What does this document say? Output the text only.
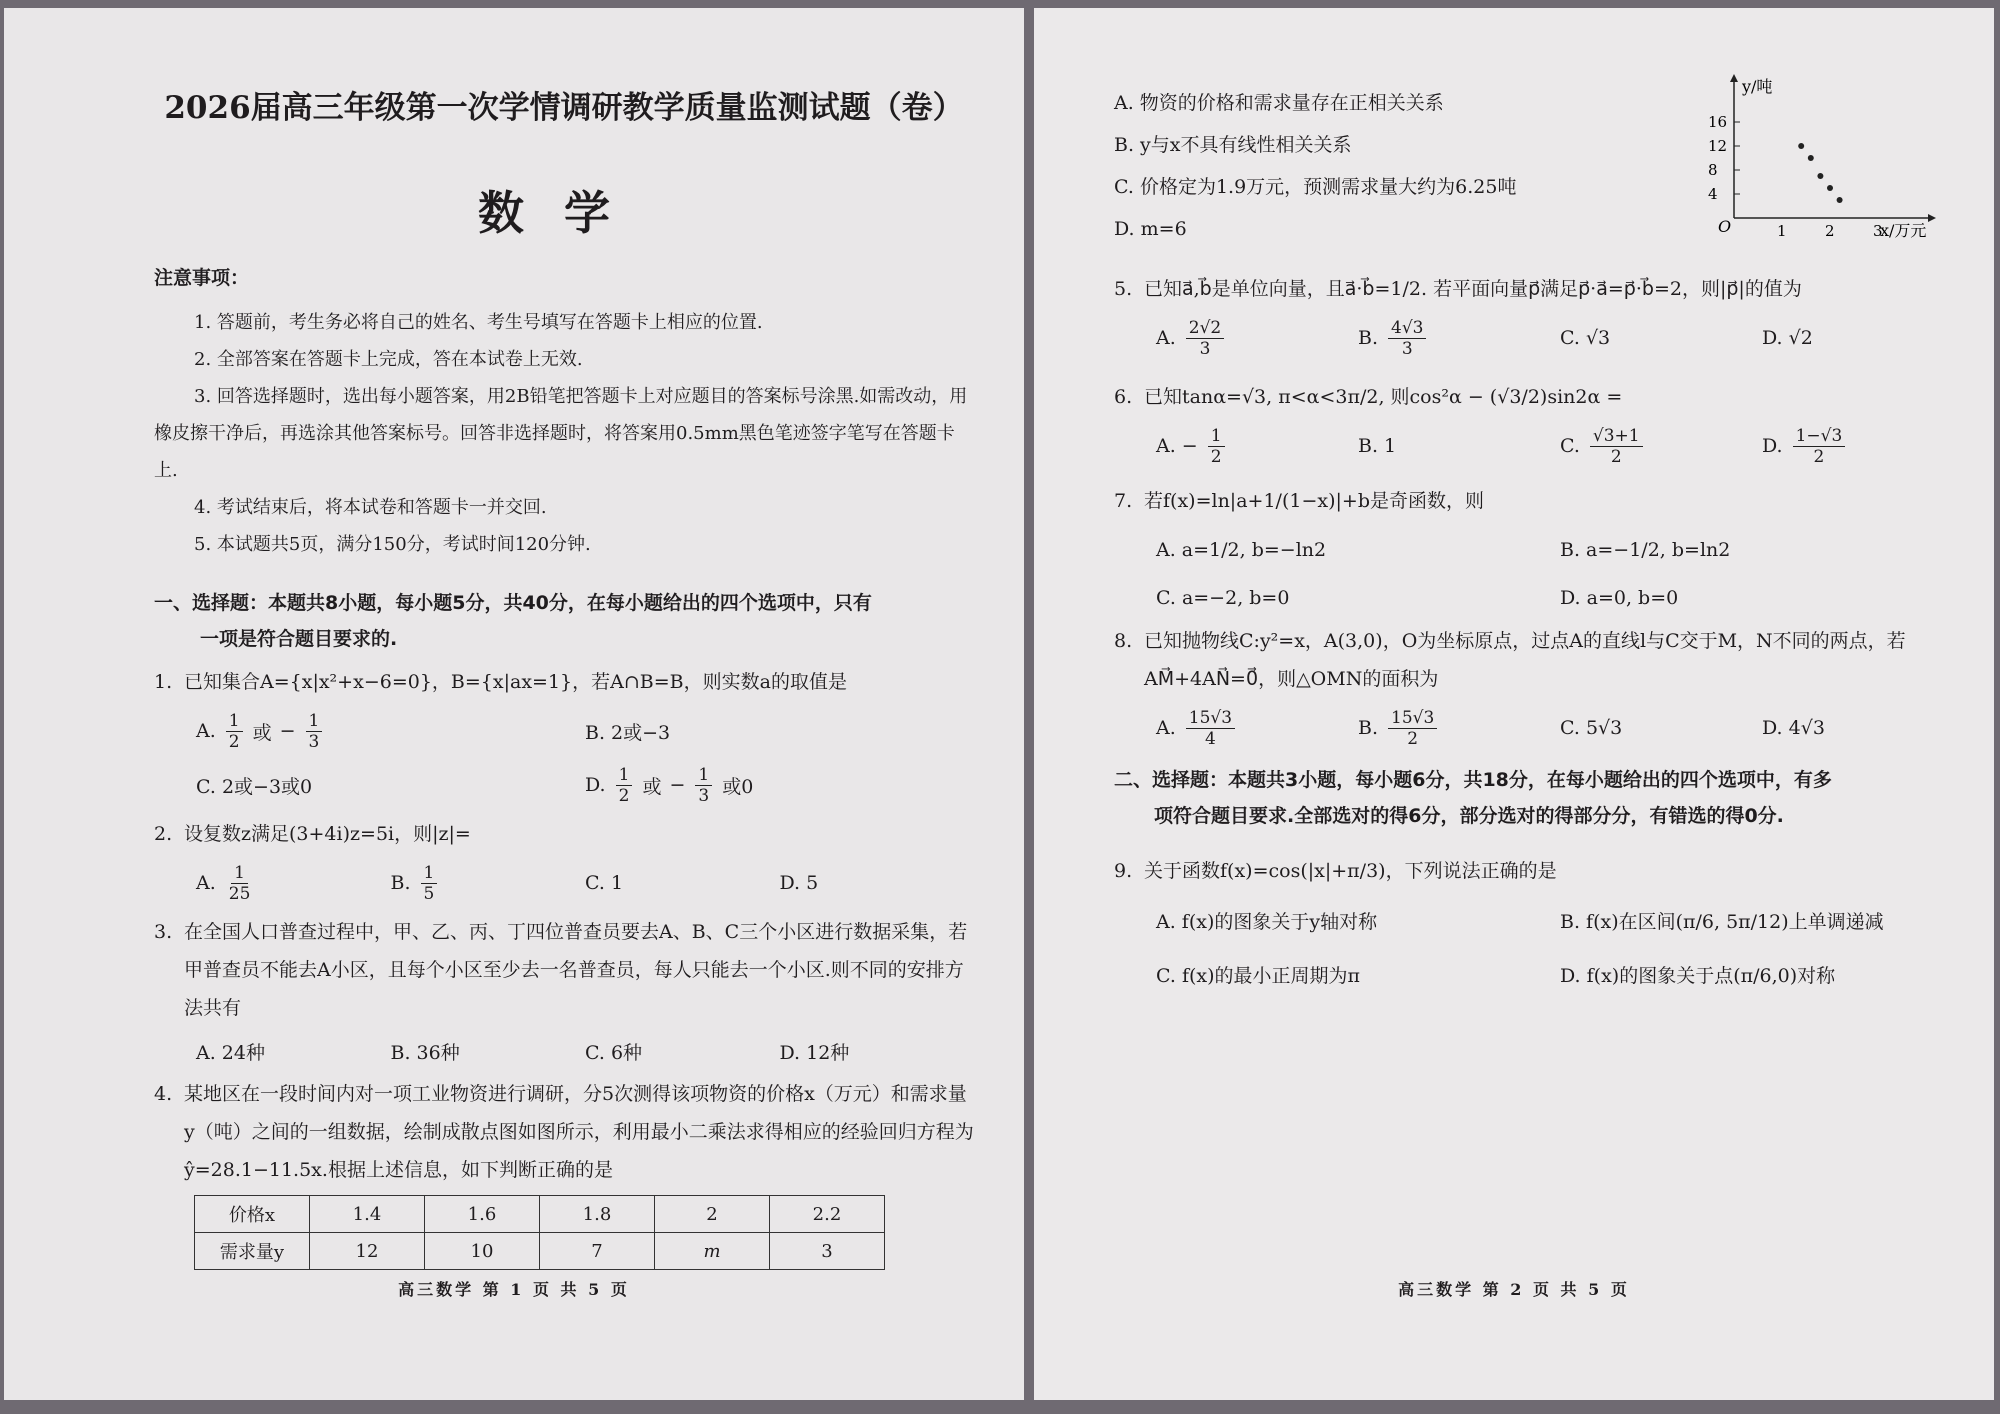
2026届高三年级第一次学情调研教学质量监测试题（卷）
数学
注意事项：
1. 答题前，考生务必将自己的姓名、考生号填写在答题卡上相应的位置.
2. 全部答案在答题卡上完成，答在本试卷上无效.
3. 回答选择题时，选出每小题答案，用2B铅笔把答题卡上对应题目的答案标号涂黑.如需改动，用橡皮擦干净后，再选涂其他答案标号。回答非选择题时，将答案用0.5mm黑色笔迹签字笔写在答题卡上.
4. 考试结束后，将本试卷和答题卡一并交回.
5. 本试题共5页，满分150分，考试时间120分钟.
一、选择题：本题共8小题，每小题5分，共40分，在每小题给出的四个选项中，只有
一项是符合题目要求的.
1. 已知集合A={x|x²+x−6=0}，B={x|ax=1}，若A∩B=B，则实数a的取值是
A. $\frac{1}{2}$ 或 − $\frac{1}{3}$	B. 2或−3
C. 2或−3或0	D. $\frac{1}{2}$ 或 − $\frac{1}{3}$ 或0
2. 设复数z满足(3+4i)z=5i，则|z|=
A. $\frac{1}{25}$	B. $\frac{1}{5}$	C. 1	D. 5
3. 在全国人口普查过程中，甲、乙、丙、丁四位普查员要去A、B、C三个小区进行数据采集，若甲普查员不能去A小区，且每个小区至少去一名普查员，每人只能去一个小区.则不同的安排方法共有
A. 24种	B. 36种	C. 6种	D. 12种
4. 某地区在一段时间内对一项工业物资进行调研，分5次测得该项物资的价格x（万元）和需求量y（吨）之间的一组数据，绘制成散点图如图所示，利用最小二乘法求得相应的经验回归方程为ŷ=28.1−11.5x.根据上述信息，如下判断正确的是
价格x	1.4	1.6	1.8	2	2.2
需求量y	12	10	7	m	3
高三数学 第 1 页 共 5 页
A. 物资的价格和需求量存在正相关关系
B. y与x不具有线性相关关系
C. 价格定为1.9万元，预测需求量大约为6.25吨
D. m=6	O
y/吨
x/万元
16
12
8
4
1	2	3
5. 已知a⃗,b⃗是单位向量，且a⃗·b⃗=1/2. 若平面向量p⃗满足p⃗·a⃗=p⃗·b⃗=2，则|p⃗|的值为
A. $\frac{2√2}{3}$	B. $\frac{4√3}{3}$	C. √3	D. √2
6. 已知tanα=√3, π<α<3π/2, 则cos²α − (√3/2)sin2α =
A. − $\frac{1}{2}$	B. 1	C. $\frac{√3+1}{2}$	D. $\frac{1-√3}{2}$
7. 若f(x)=ln|a+1/(1−x)|+b是奇函数，则
A. a=1/2, b=−ln2	B. a=−1/2, b=ln2
C. a=−2, b=0	D. a=0, b=0
8. 已知抛物线C:y²=x，A(3,0)，O为坐标原点，过点A的直线l与C交于M，N不同的两点，若AM⃗+4AN⃗=0⃗，则△OMN的面积为
A. $\frac{15√3}{4}$	B. $\frac{15√3}{2}$	C. 5√3	D. 4√3
二、选择题：本题共3小题，每小题6分，共18分，在每小题给出的四个选项中，有多
项符合题目要求.全部选对的得6分，部分选对的得部分分，有错选的得0分.
9. 关于函数f(x)=cos(|x|+π/3)，下列说法正确的是
A. f(x)的图象关于y轴对称	B. f(x)在区间(π/6, 5π/12)上单调递减
C. f(x)的最小正周期为π	D. f(x)的图象关于点(π/6,0)对称
高三数学 第 2 页 共 5 页
